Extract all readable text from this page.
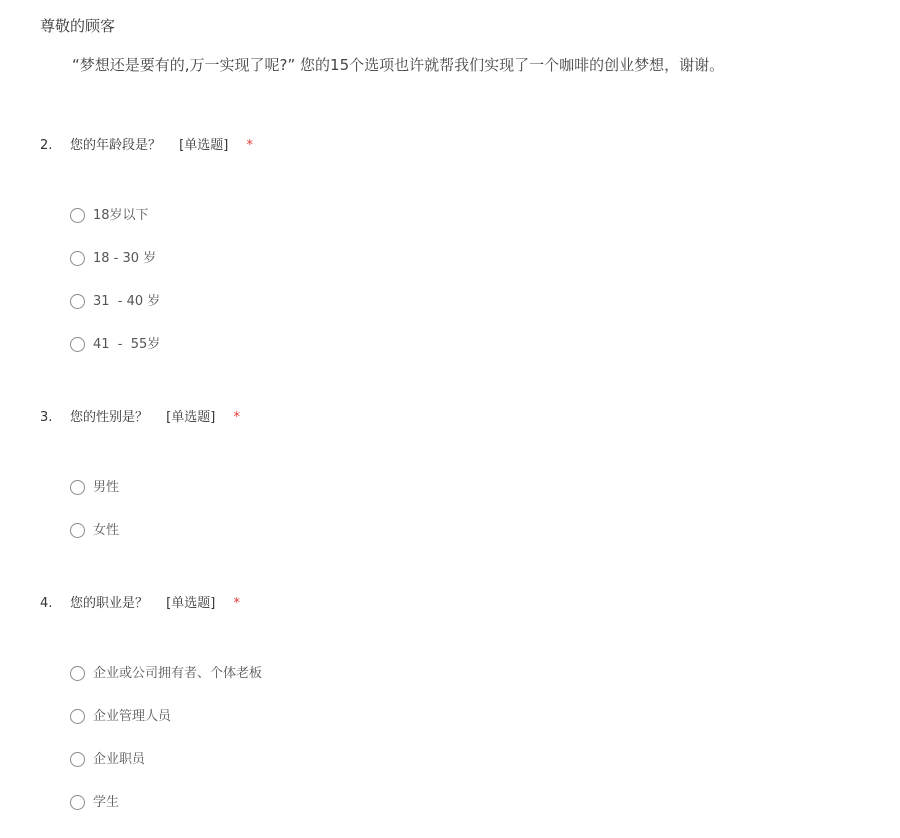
尊敬的顾客
“梦想还是要有的,万一实现了呢?” 您的15个选项也许就帮我们实现了一个咖啡的创业梦想，谢谢。
2. 您的年龄段是？ [单选题] *
18岁以下
18 - 30 岁
31  - 40 岁
41  -  55岁
3. 您的性别是？ [单选题] *
男性
女性
4. 您的职业是？ [单选题] *
企业或公司拥有者、个体老板
企业管理人员
企业职员
学生
